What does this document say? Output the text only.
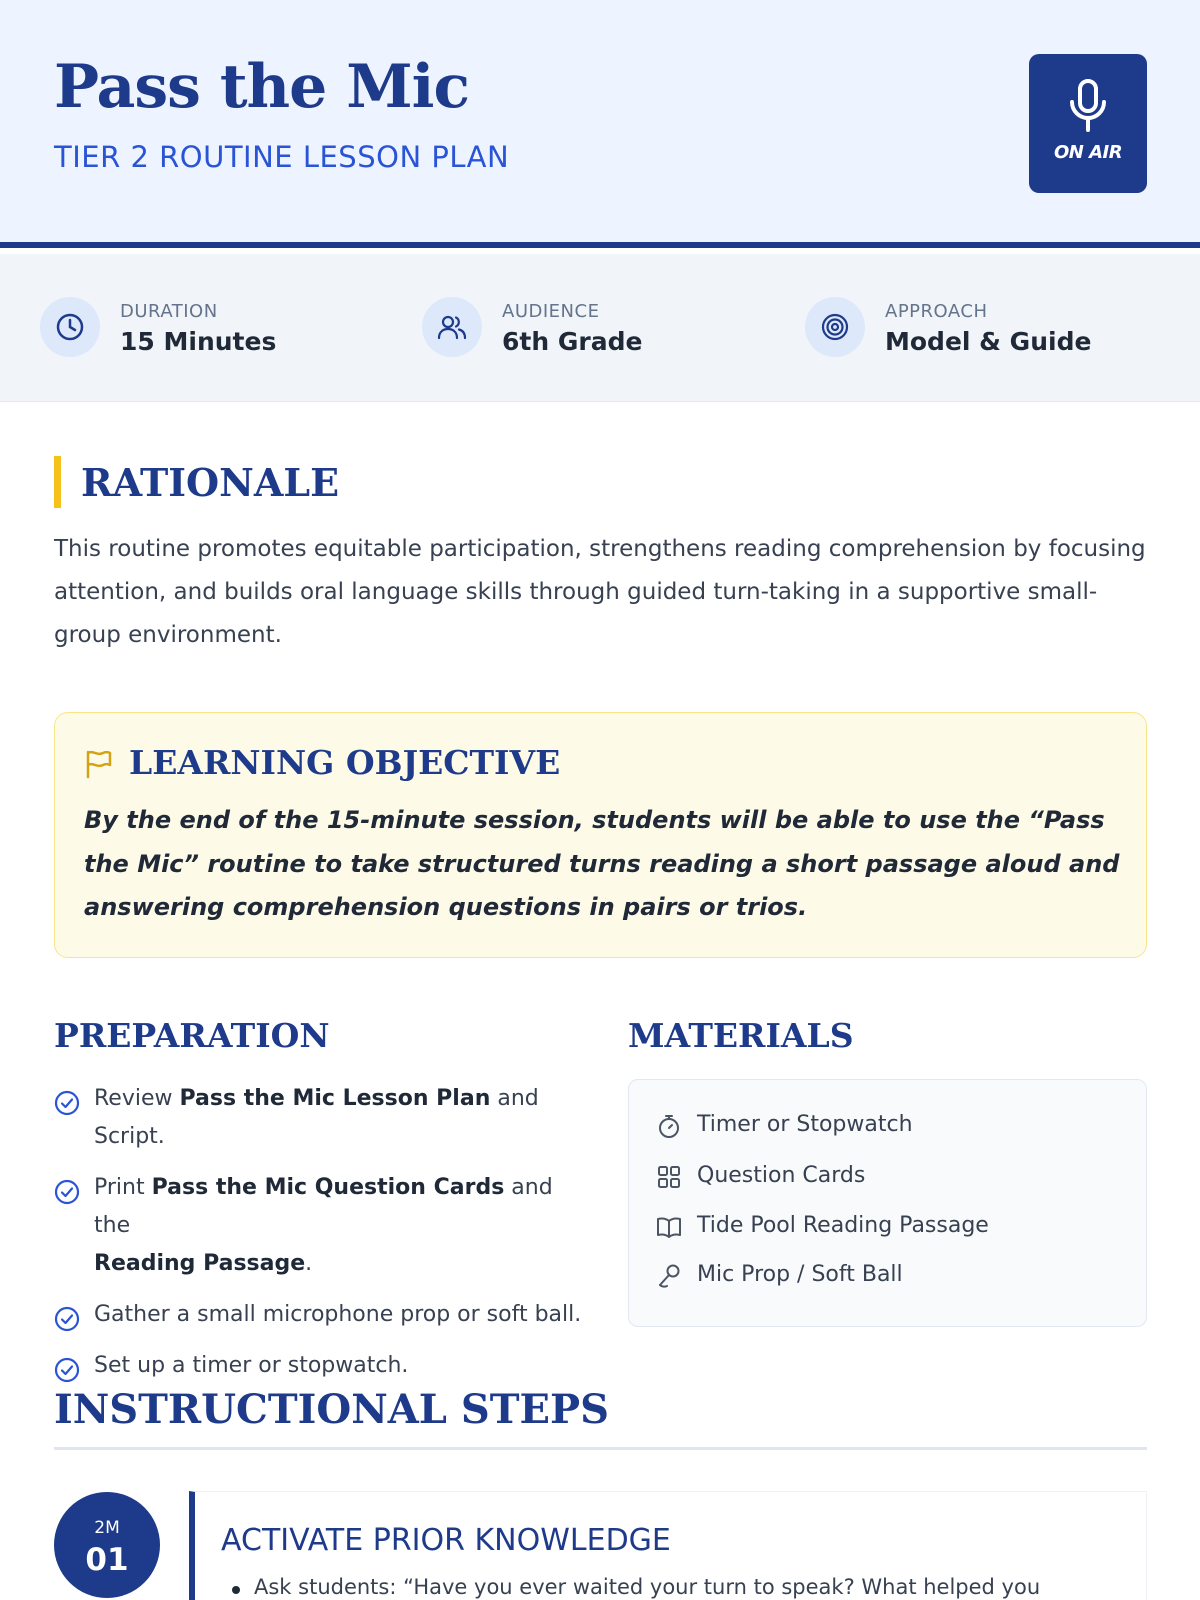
Pass the Mic
TIER 2 ROUTINE LESSON PLAN	ON AIR
DURATION
15 Minutes
AUDIENCE
6th Grade
APPROACH
Model & Guide
RATIONALE

This routine promotes equitable participation, strengthens reading comprehension by focusing attention, and builds oral language skills through guided turn-taking in a supportive small-group environment.

LEARNING OBJECTIVE

By the end of the 15-minute session, students will be able to use the “Pass the Mic” routine to take structured turns reading a short passage aloud and answering comprehension questions in pairs or trios.

PREPARATION
Review Pass the Mic Lesson Plan and Script.
Print Pass the Mic Question Cards and the
Reading Passage.
Gather a small microphone prop or soft ball.
Set up a timer or stopwatch.
MATERIALS
Timer or Stopwatch
Question Cards
Tide Pool Reading Passage
Mic Prop / Soft Ball
INSTRUCTIONAL STEPS
2M
01
ACTIVATE PRIOR KNOWLEDGE
Ask students: “Have you ever waited your turn to speak? What helped you
